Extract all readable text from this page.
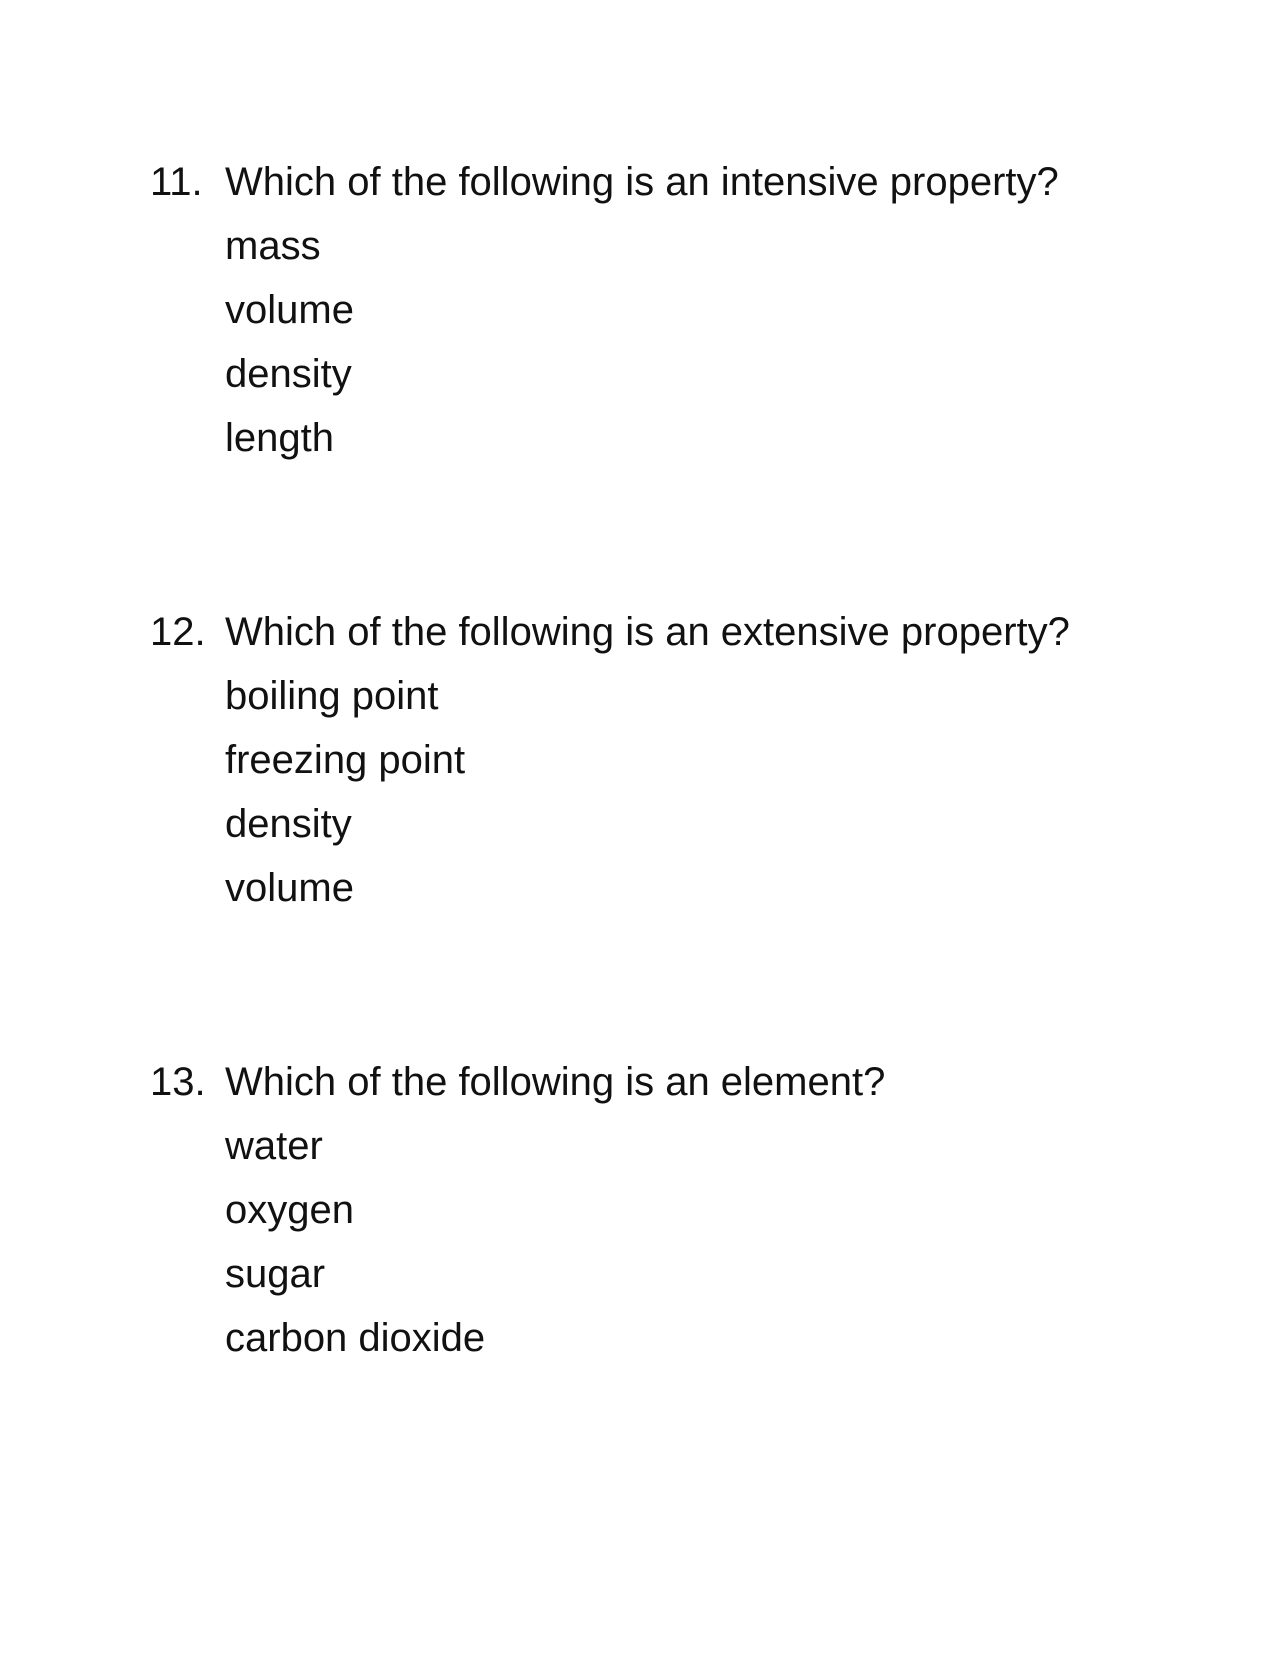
11. Which of the following is an intensive property?
mass
volume
density
length
12. Which of the following is an extensive property?
boiling point
freezing point
density
volume
13. Which of the following is an element?
water
oxygen
sugar
carbon dioxide
